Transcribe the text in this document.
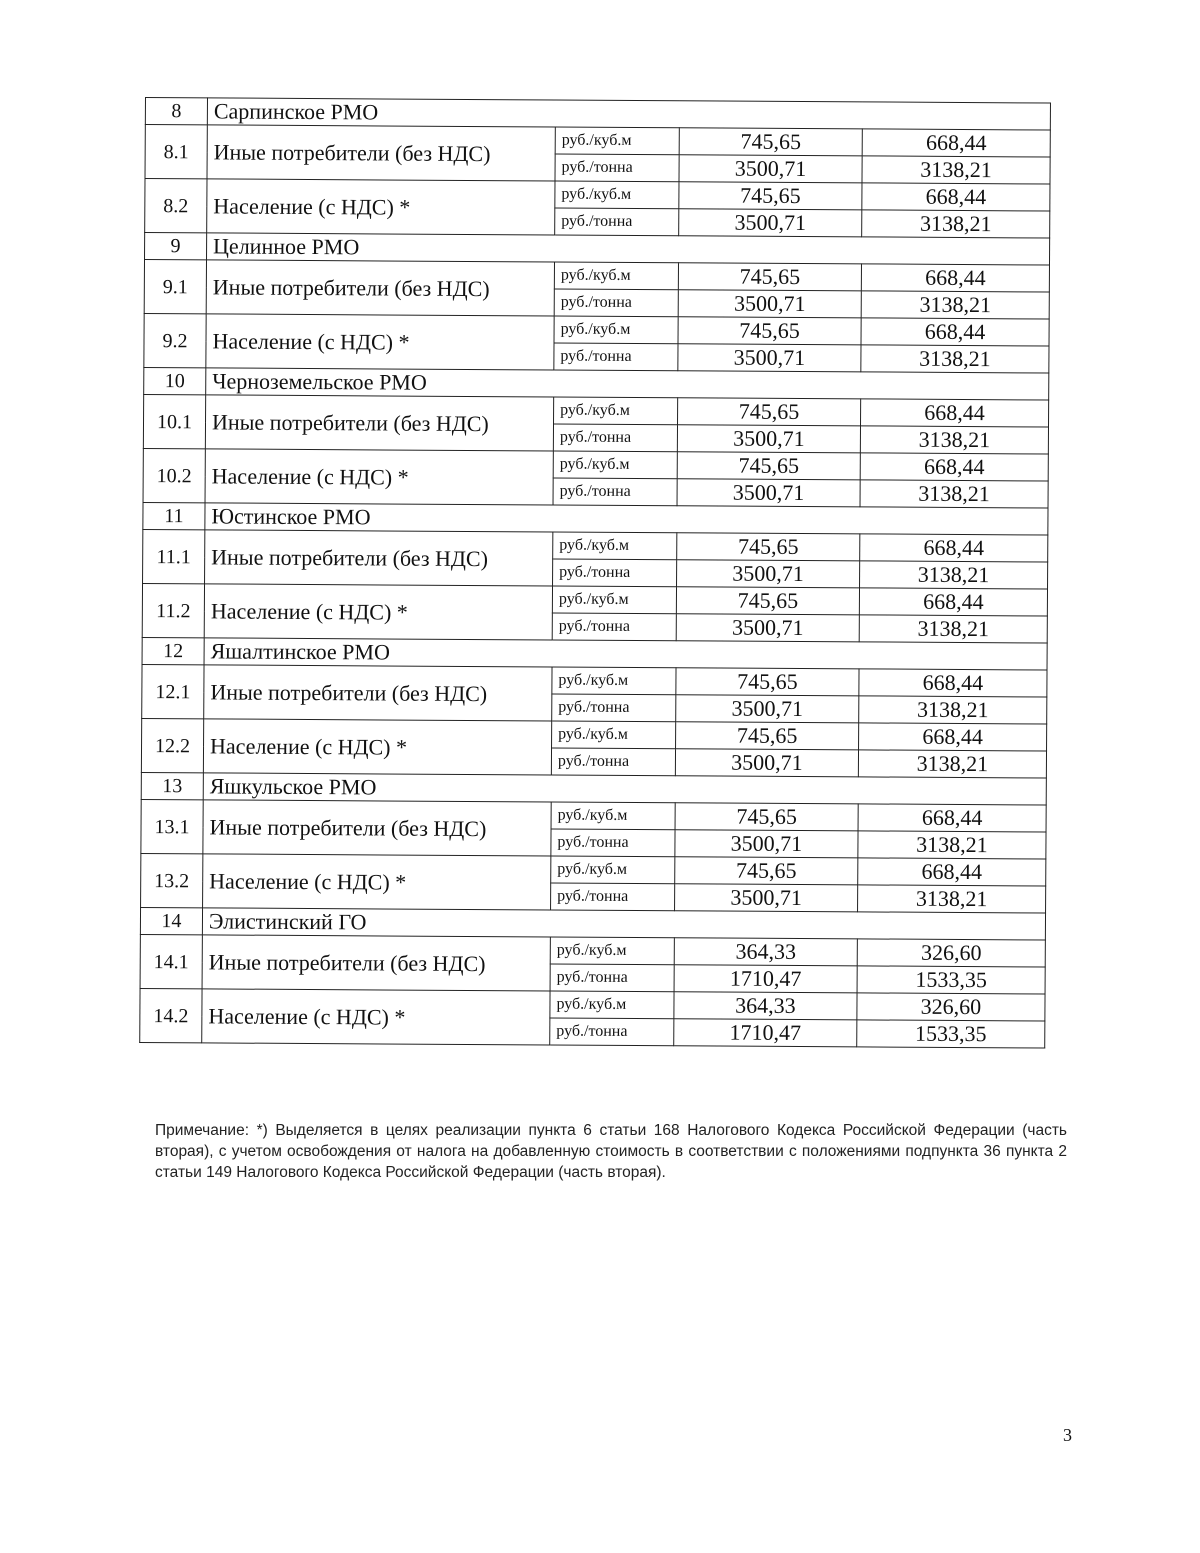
8	Сарпинское РМО			
8.1	Иные потребители (без НДС)	руб./куб.м	745,65	668,44
		руб./тонна	3500,71	3138,21
8.2	Население (с НДС) *	руб./куб.м	745,65	668,44
		руб./тонна	3500,71	3138,21
9	Целинное РМО			
9.1	Иные потребители (без НДС)	руб./куб.м	745,65	668,44
		руб./тонна	3500,71	3138,21
9.2	Население (с НДС) *	руб./куб.м	745,65	668,44
		руб./тонна	3500,71	3138,21
10	Черноземельское РМО			
10.1	Иные потребители (без НДС)	руб./куб.м	745,65	668,44
		руб./тонна	3500,71	3138,21
10.2	Население (с НДС) *	руб./куб.м	745,65	668,44
		руб./тонна	3500,71	3138,21
11	Юстинское РМО			
11.1	Иные потребители (без НДС)	руб./куб.м	745,65	668,44
		руб./тонна	3500,71	3138,21
11.2	Население (с НДС) *	руб./куб.м	745,65	668,44
		руб./тонна	3500,71	3138,21
12	Яшалтинское РМО			
12.1	Иные потребители (без НДС)	руб./куб.м	745,65	668,44
		руб./тонна	3500,71	3138,21
12.2	Население (с НДС) *	руб./куб.м	745,65	668,44
		руб./тонна	3500,71	3138,21
13	Яшкульское РМО			
13.1	Иные потребители (без НДС)	руб./куб.м	745,65	668,44
		руб./тонна	3500,71	3138,21
13.2	Население (с НДС) *	руб./куб.м	745,65	668,44
		руб./тонна	3500,71	3138,21
14	Элистинский ГО			
14.1	Иные потребители (без НДС)	руб./куб.м	364,33	326,60
		руб./тонна	1710,47	1533,35
14.2	Население (с НДС) *	руб./куб.м	364,33	326,60
		руб./тонна	1710,47	1533,35
Примечание: *) Выделяется в целях реализации пункта 6 статьи 168 Налогового Кодекса Российской Федерации (часть вторая), с учетом освобождения от налога на добавленную стоимость в соответствии с положениями подпункта 36 пункта 2 статьи 149 Налогового Кодекса Российской Федерации (часть вторая).
3
